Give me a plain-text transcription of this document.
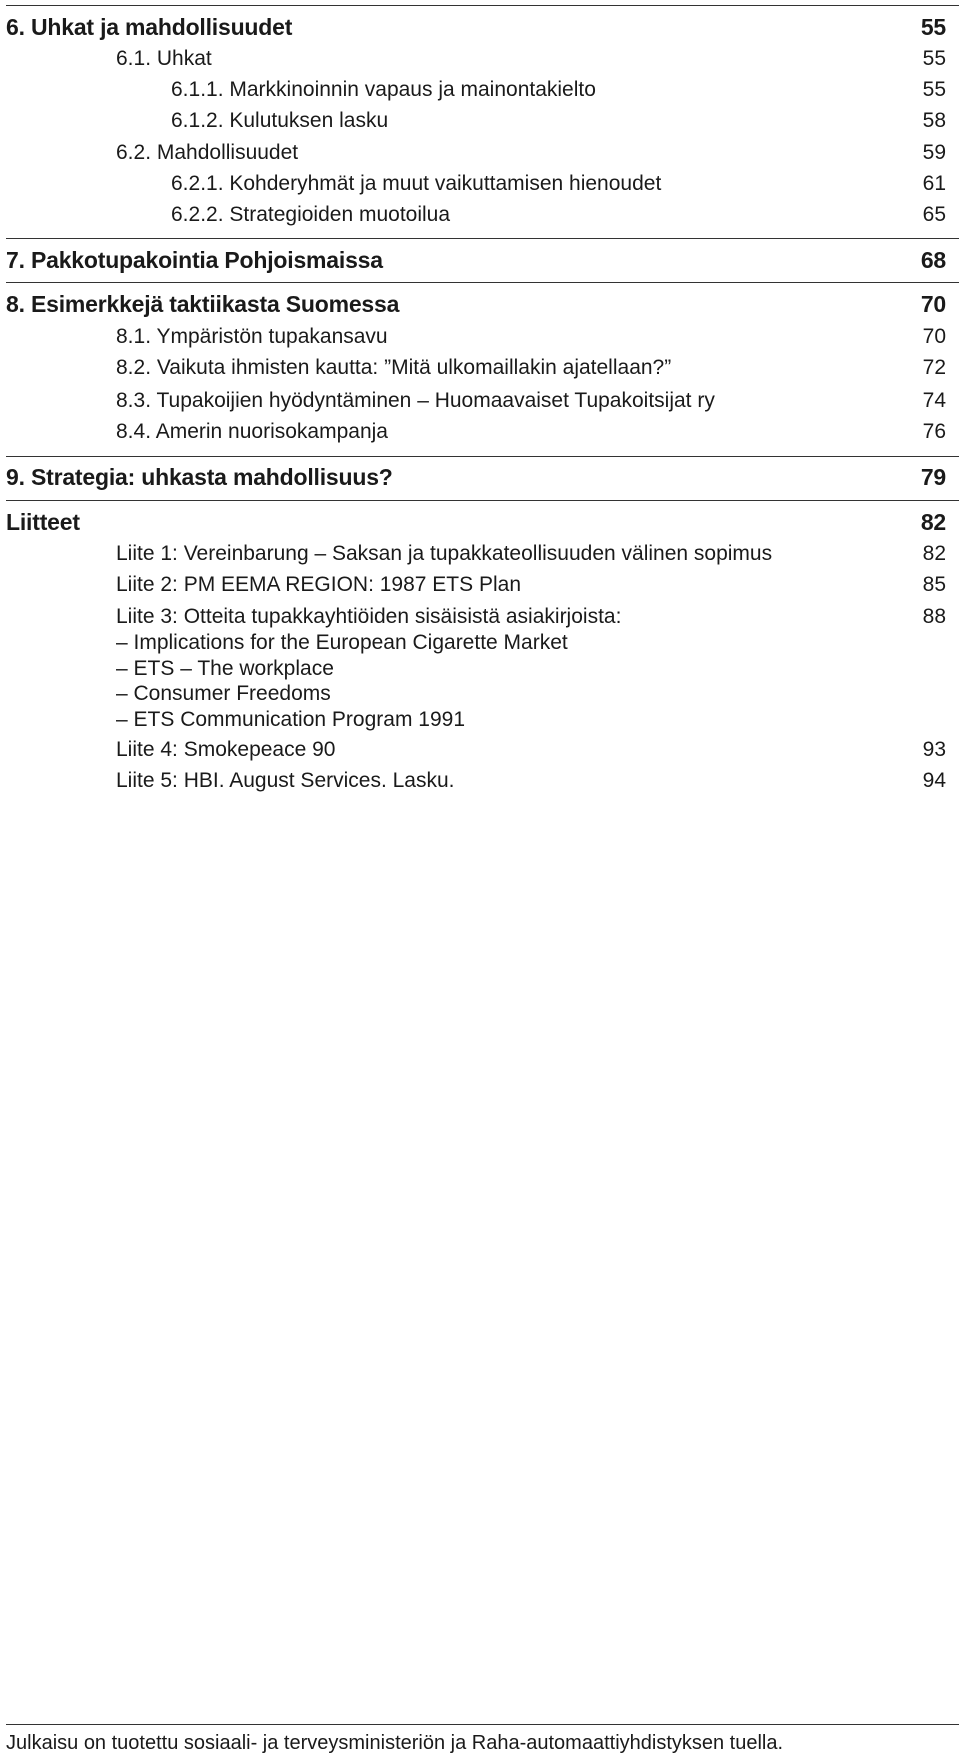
6. Uhkat ja mahdollisuudet	55
6.1. Uhkat	55
6.1.1. Markkinoinnin vapaus ja mainontakielto	55
6.1.2. Kulutuksen lasku	58
6.2. Mahdollisuudet	59
6.2.1. Kohderyhmät ja muut vaikuttamisen hienoudet	61
6.2.2. Strategioiden muotoilua	65
7. Pakkotupakointia Pohjoismaissa	68
8. Esimerkkejä taktiikasta Suomessa	70
8.1. Ympäristön tupakansavu	70
8.2. Vaikuta ihmisten kautta: ”Mitä ulkomaillakin ajatellaan?”	72
8.3. Tupakoijien hyödyntäminen – Huomaavaiset Tupakoitsijat ry	74
8.4. Amerin nuorisokampanja	76
9. Strategia: uhkasta mahdollisuus?	79
Liitteet	82
Liite 1: Vereinbarung – Saksan ja tupakkateollisuuden välinen sopimus	82
Liite 2: PM EEMA REGION: 1987 ETS Plan	85
Liite 3: Otteita tupakkayhtiöiden sisäisistä asiakirjoista:	88
– Implications for the European Cigarette Market
– ETS – The workplace
– Consumer Freedoms
– ETS Communication Program 1991
Liite 4: Smokepeace 90	93
Liite 5: HBI. August Services. Lasku.	94
Julkaisu on tuotettu sosiaali- ja terveysministeriön ja Raha-automaattiyhdistyksen tuella.
